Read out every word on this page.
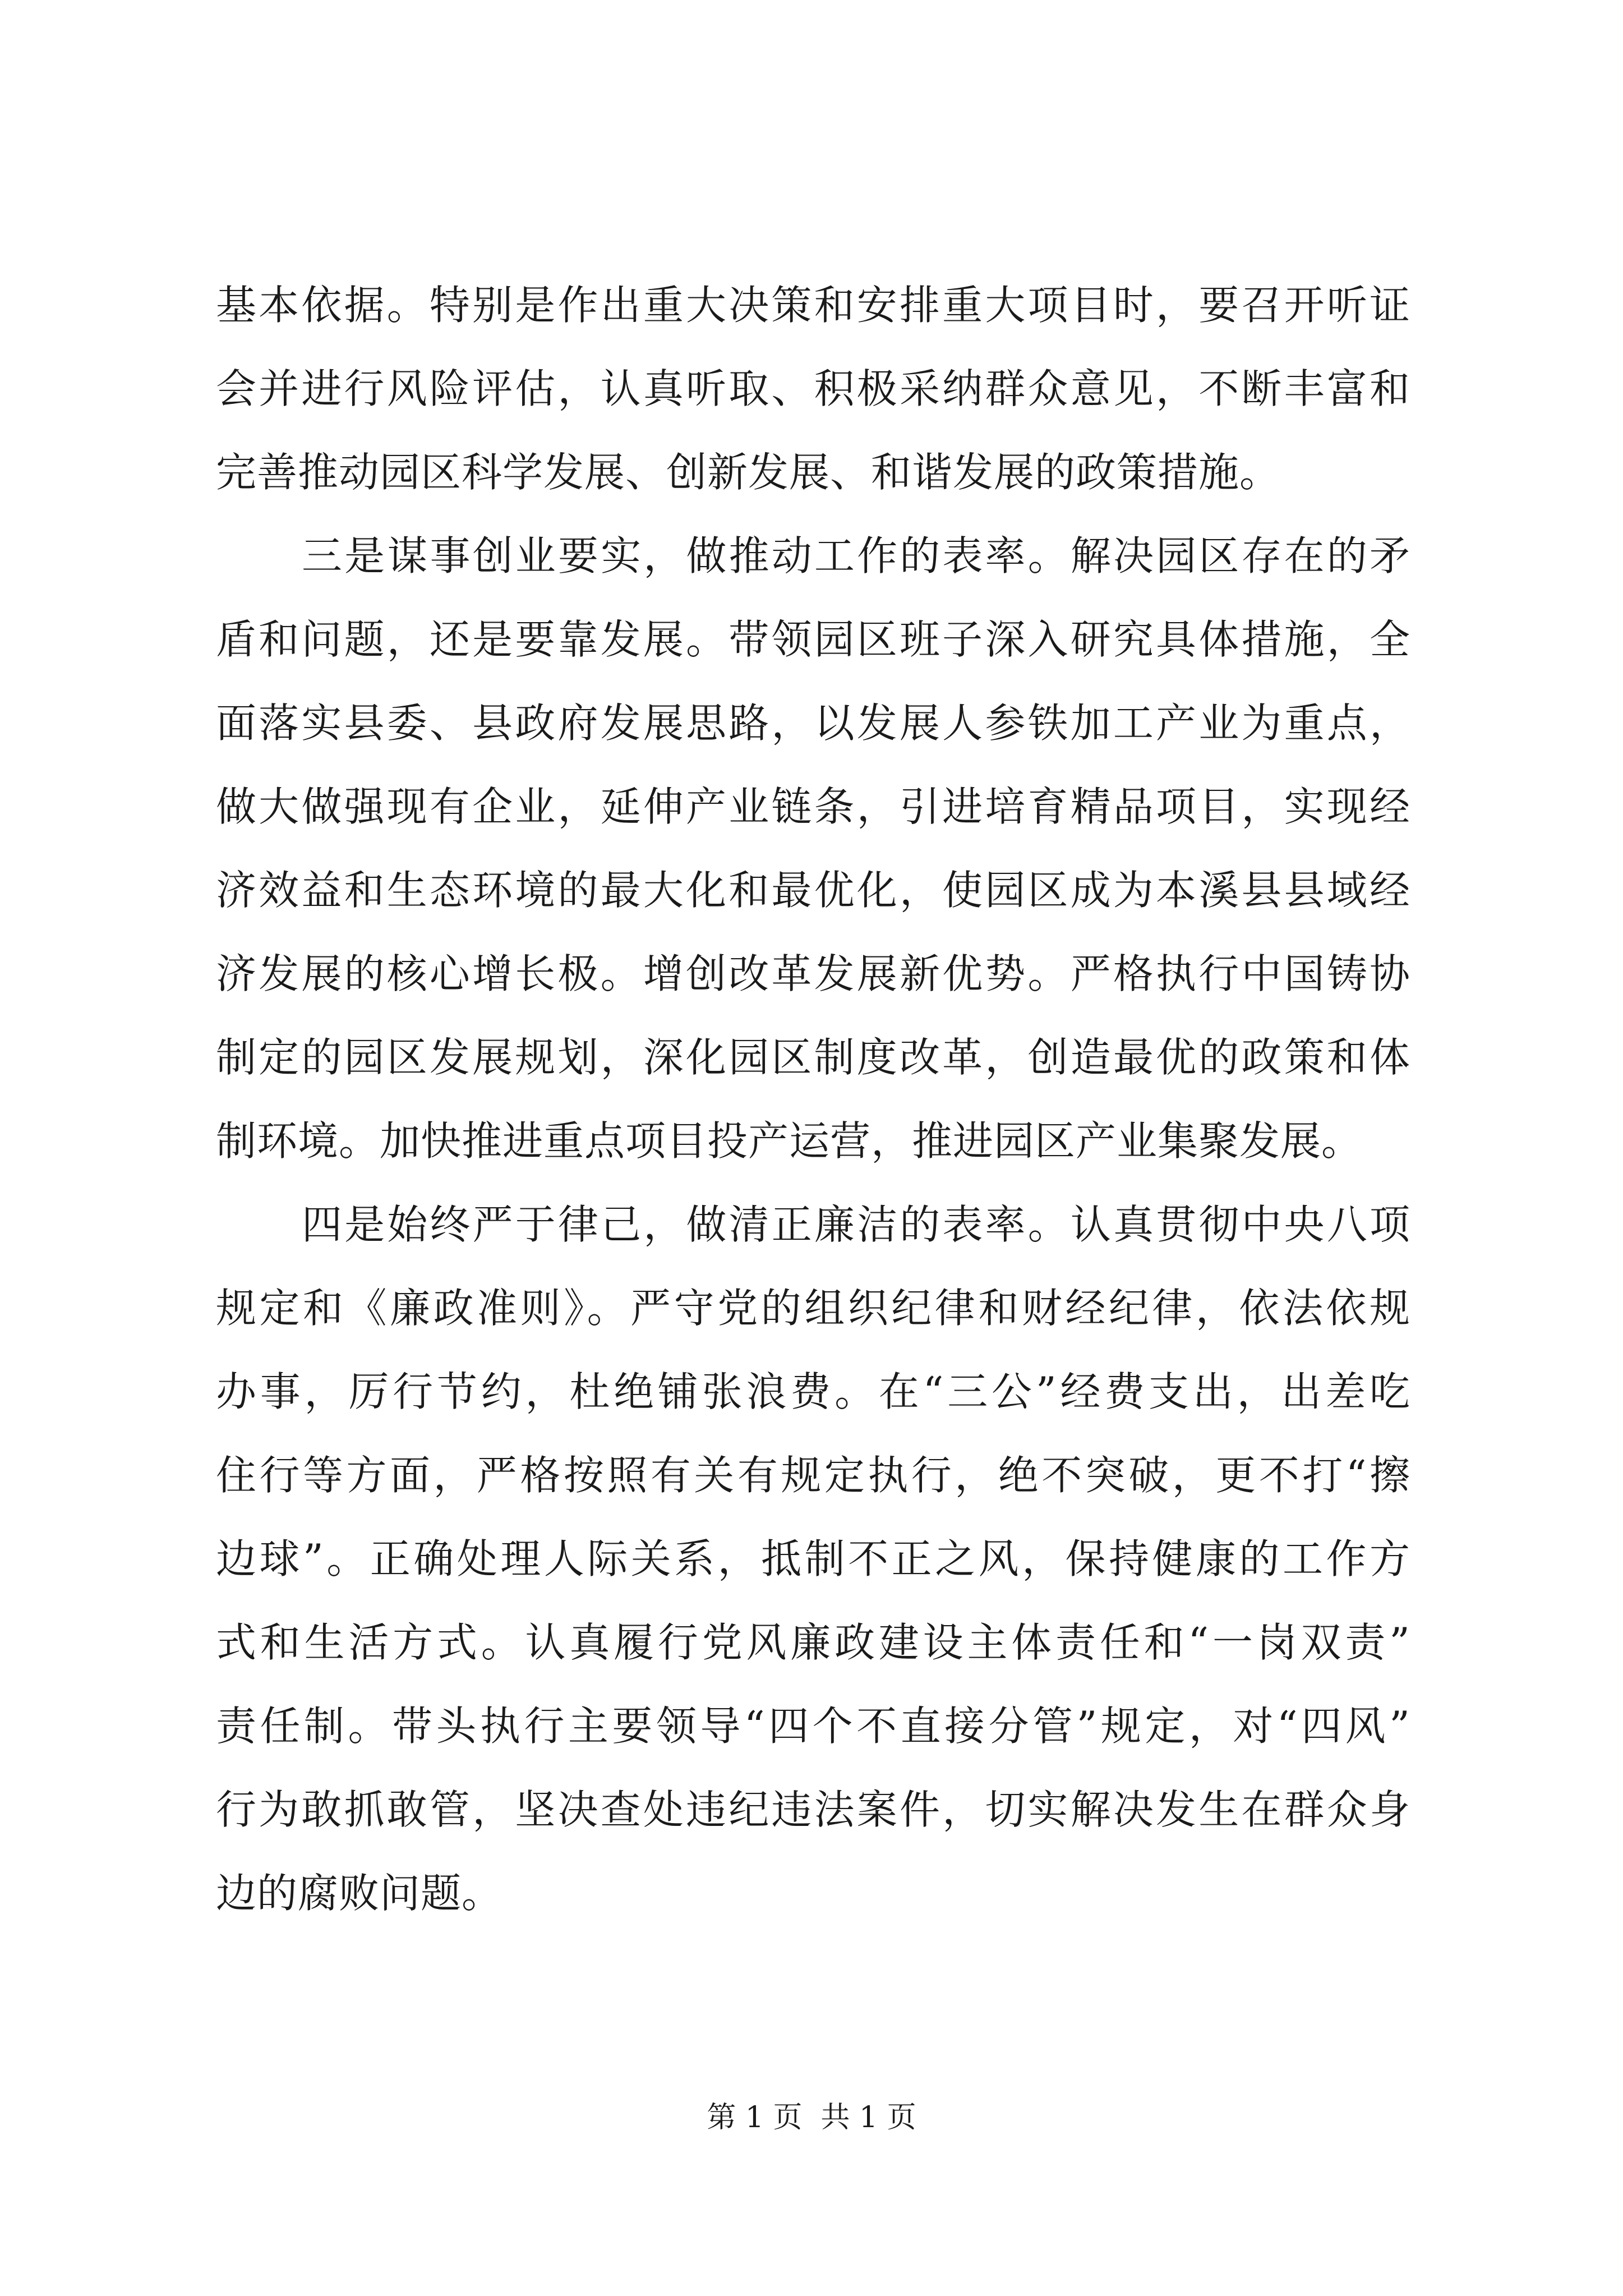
基本依据。特别是作出重大决策和安排重大项目时，要召开听证
会并进行风险评估，认真听取、积极采纳群众意见，不断丰富和
完善推动园区科学发展、创新发展、和谐发展的政策措施。
三是谋事创业要实，做推动工作的表率。解决园区存在的矛
盾和问题，还是要靠发展。带领园区班子深入研究具体措施，全
面落实县委、县政府发展思路，以发展人参铁加工产业为重点，
做大做强现有企业，延伸产业链条，引进培育精品项目，实现经
济效益和生态环境的最大化和最优化，使园区成为本溪县县域经
济发展的核心增长极。增创改革发展新优势。严格执行中国铸协
制定的园区发展规划，深化园区制度改革，创造最优的政策和体
制环境。加快推进重点项目投产运营，推进园区产业集聚发展。
四是始终严于律己，做清正廉洁的表率。认真贯彻中央八项
规定和《廉政准则》。严守党的组织纪律和财经纪律，依法依规
办事，厉行节约，杜绝铺张浪费。在“三公”经费支出，出差吃
住行等方面，严格按照有关有规定执行，绝不突破，更不打“擦
边球”。正确处理人际关系，抵制不正之风，保持健康的工作方
式和生活方式。认真履行党风廉政建设主体责任和“一岗双责”
责任制。带头执行主要领导“四个不直接分管”规定，对“四风”
行为敢抓敢管，坚决查处违纪违法案件，切实解决发生在群众身
边的腐败问题。
第 1 页  共 1 页
